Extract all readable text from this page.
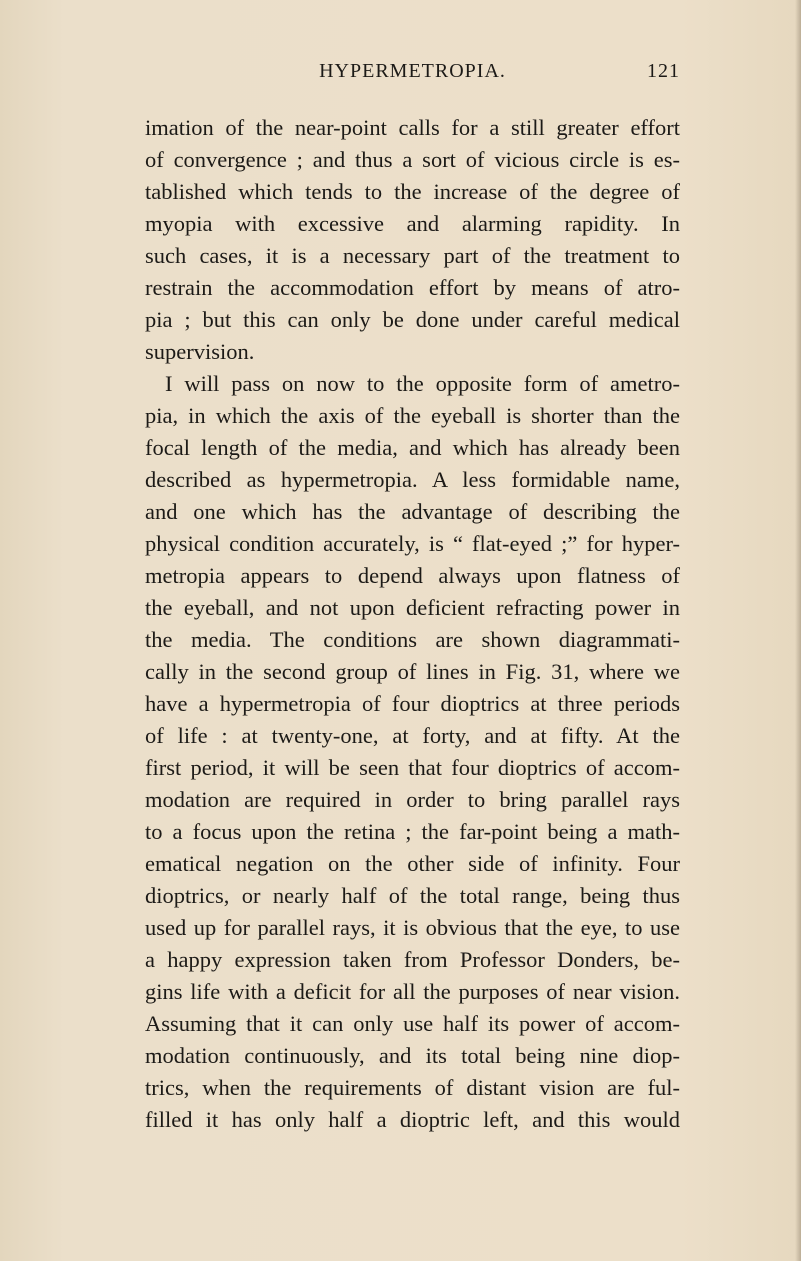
HYPERMETROPIA.	121
imation of the near-point calls for a still greater effort
of convergence ; and thus a sort of vicious circle is es-
tablished which tends to the increase of the degree of
myopia with excessive and alarming rapidity. In
such cases, it is a necessary part of the treatment to
restrain the accommodation effort by means of atro-
pia ; but this can only be done under careful medical
supervision.
I will pass on now to the opposite form of ametro-
pia, in which the axis of the eyeball is shorter than the
focal length of the media, and which has already been
described as hypermetropia. A less formidable name,
and one which has the advantage of describing the
physical condition accurately, is “ flat-eyed ;” for hyper-
metropia appears to depend always upon flatness of
the eyeball, and not upon deficient refracting power in
the media. The conditions are shown diagrammati-
cally in the second group of lines in Fig. 31, where we
have a hypermetropia of four dioptrics at three periods
of life : at twenty-one, at forty, and at fifty. At the
first period, it will be seen that four dioptrics of accom-
modation are required in order to bring parallel rays
to a focus upon the retina ; the far-point being a math-
ematical negation on the other side of infinity. Four
dioptrics, or nearly half of the total range, being thus
used up for parallel rays, it is obvious that the eye, to use
a happy expression taken from Professor Donders, be-
gins life with a deficit for all the purposes of near vision.
Assuming that it can only use half its power of accom-
modation continuously, and its total being nine diop-
trics, when the requirements of distant vision are ful-
filled it has only half a dioptric left, and this would
